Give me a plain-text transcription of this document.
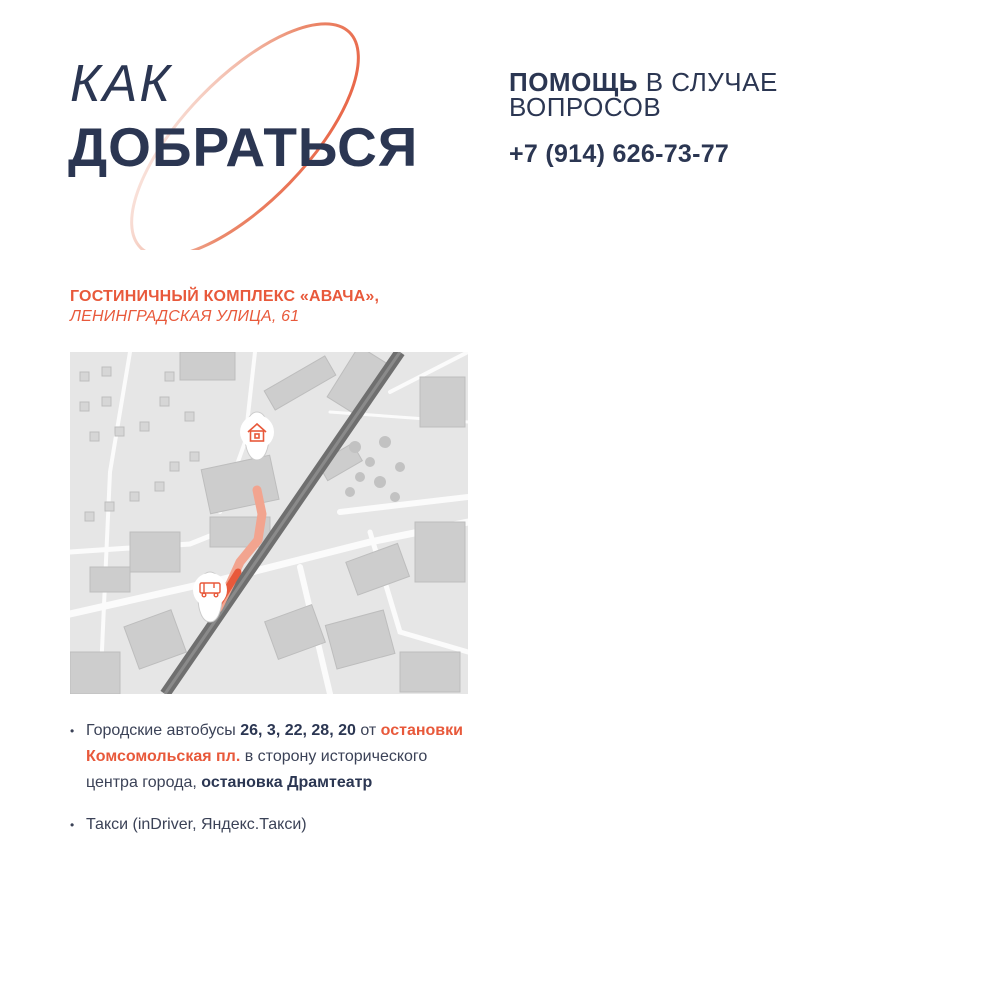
КАК
ДОБРАТЬСЯ
ПОМОЩЬ В СЛУЧАЕ
ВОПРОСОВ
+7 (914) 626-73-77
ГОСТИНИЧНЫЙ КОМПЛЕКС «АВАЧА»,
ЛЕНИНГРАДСКАЯ УЛИЦА, 61
• Городские автобусы 26, 3, 22, 28, 20 от остановки Комсомольская пл. в сторону исторического центра города, остановка Драмтеатр
• Такси (inDriver, Яндекс.Такси)
